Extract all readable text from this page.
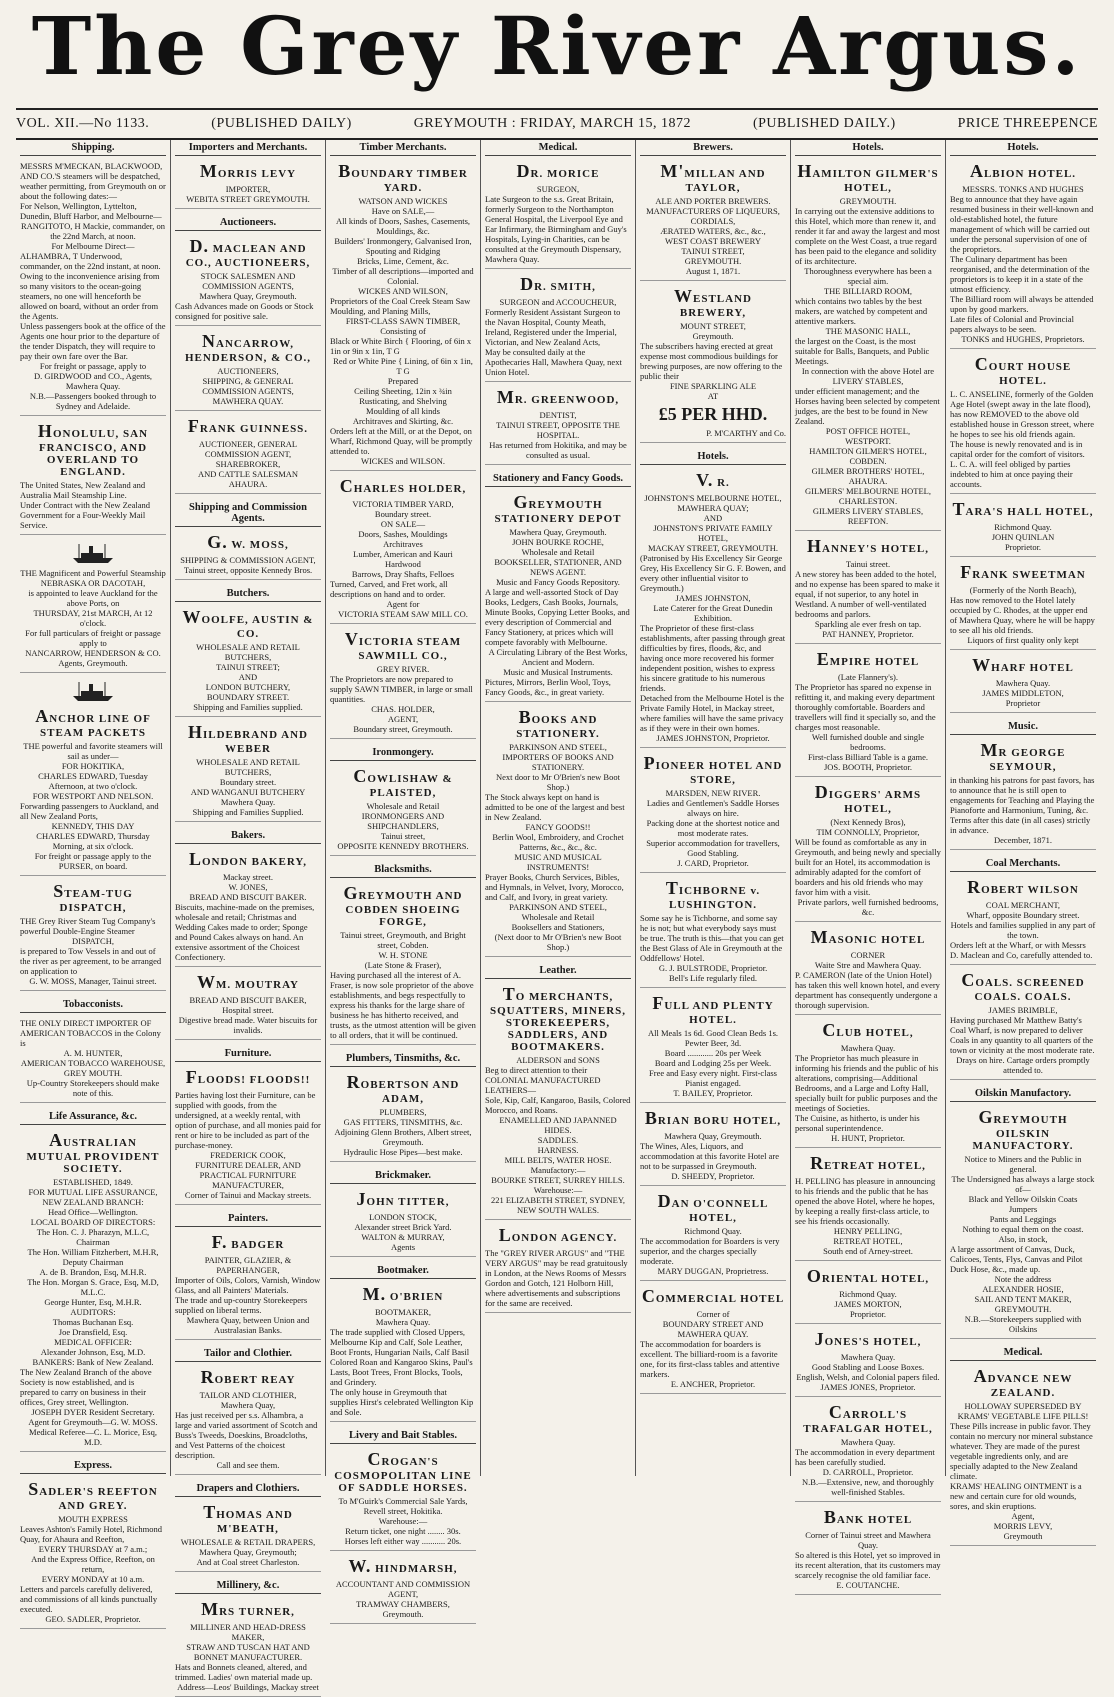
The Grey River Argus.
VOL. XII.—No 1133.	(PUBLISHED DAILY)	GREYMOUTH : FRIDAY, MARCH 15, 1872	(PUBLISHED DAILY.)	PRICE THREEPENCE
Shipping.
MESSRS M'MECKAN, BLACKWOOD, AND CO.'S steamers will be despatched, weather permitting, from Greymouth on or about the following dates:—
For Nelson, Wellington, Lyttelton, Dunedin, Bluff Harbor, and Melbourne—
RANGITOTO, H Mackie, commander, on the 22nd March, at noon.
For Melbourne Direct—
ALHAMBRA, T Underwood, commander, on the 22nd instant, at noon.
Owing to the inconvenience arising from so many visitors to the ocean-going steamers, no one will henceforth be allowed on board, without an order from the Agents.
Unless passengers book at the office of the Agents one hour prior to the departure of the tender Dispatch, they will require to pay their own fare over the Bar.
For freight or passage, apply to
D. GIRDWOOD and CO., Agents, Mawhera Quay.
N.B.—Passengers booked through to Sydney and Adelaide.
HONOLULU, SAN FRANCISCO, AND OVERLAND TO ENGLAND.
The United States, New Zealand and Australia Mail Steamship Line.
Under Contract with the New Zealand Government for a Four-Weekly Mail Service.
THE Magnificent and Powerful Steamship
NEBRASKA OR DACOTAH,
is appointed to leave Auckland for the above Ports, on
THURSDAY, 21st MARCH, At 12 o'clock.
For full particulars of freight or passage apply to
NANCARROW, HENDERSON & CO. Agents, Greymouth.
ANCHOR LINE OF STEAM PACKETS
THE powerful and favorite steamers will sail as under—
FOR HOKITIKA,
CHARLES EDWARD, Tuesday Afternoon, at two o'clock.
FOR WESTPORT AND NELSON.
Forwarding passengers to Auckland, and all New Zealand Ports,
KENNEDY, THIS DAY
CHARLES EDWARD, Thursday Morning, at six o'clock.
For freight or passage apply to the PURSER, on board.
STEAM-TUG DISPATCH,
THE Grey River Steam Tug Company's powerful Double-Engine Steamer
DISPATCH,
is prepared to Tow Vessels in and out of the river as per agreement, to be arranged on application to
G. W. MOSS, Manager, Tainui street.
Tobacconists.
THE ONLY DIRECT IMPORTER OF AMERICAN TOBACCOS in the Colony is
A. M. HUNTER,
AMERICAN TOBACCO WAREHOUSE, GREY MOUTH.
Up-Country Storekeepers should make note of this.
Life Assurance, &c.
AUSTRALIAN MUTUAL PROVIDENT SOCIETY.
ESTABLISHED, 1849.
FOR MUTUAL LIFE ASSURANCE,
NEW ZEALAND BRANCH:
Head Office—Wellington.
LOCAL BOARD OF DIRECTORS:
The Hon. C. J. Pharazyn, M.L.C, Chairman
The Hon. William Fitzherbert, M.H.R, Deputy Chairman
A. de B. Brandon, Esq, M.H.R.
The Hon. Morgan S. Grace, Esq, M.D, M.L.C.
George Hunter, Esq, M.H.R.
AUDITORS:
Thomas Buchanan Esq.
Joe Dransfield, Esq.
MEDICAL OFFICER:
Alexander Johnson, Esq, M.D.
BANKERS: Bank of New Zealand.
The New Zealand Branch of the above Society is now established, and is prepared to carry on business in their offices, Grey street, Wellington.
JOSEPH DYER Resident Secretary.
Agent for Greymouth—G. W. MOSS.
Medical Referee—C. L. Morice, Esq, M.D.
Express.
SADLER'S REEFTON AND GREY.
MOUTH EXPRESS
Leaves Ashton's Family Hotel, Richmond Quay, for Ahaura and Reefton,
EVERY THURSDAY at 7 a.m.;
And the Express Office, Reefton, on return,
EVERY MONDAY at 10 a.m.
Letters and parcels carefully delivered, and commissions of all kinds punctually executed.
GEO. SADLER, Proprietor.
Importers and Merchants.
MORRIS LEVY
IMPORTER,
WEBITA STREET GREYMOUTH.
Auctioneers.
D. MACLEAN AND CO., AUCTIONEERS,
STOCK SALESMEN AND COMMISSION AGENTS,
Mawhera Quay, Greymouth.
Cash Advances made on Goods or Stock consigned for positive sale.
NANCARROW, HENDERSON, & CO.,
AUCTIONEERS,
SHIPPING, & GENERAL COMMISSION AGENTS,
MAWHERA QUAY.
FRANK GUINNESS.
AUCTIONEER, GENERAL COMMISSION AGENT, SHAREBROKER,
AND CATTLE SALESMAN
AHAURA.
Shipping and Commission Agents.
G. W. MOSS,
SHIPPING & COMMISSION AGENT,
Tainui street, opposite Kennedy Bros.
Butchers.
WOOLFE, AUSTIN & CO.
WHOLESALE AND RETAIL BUTCHERS,
TAINUI STREET;
AND
LONDON BUTCHERY,
BOUNDARY STREET.
Shipping and Families supplied.
HILDEBRAND AND WEBER
WHOLESALE AND RETAIL BUTCHERS,
Boundary street.
AND WANGANUI BUTCHERY
Mawhera Quay.
Shipping and Families Supplied.
Bakers.
LONDON BAKERY,
Mackay street.
W. JONES,
BREAD AND BISCUIT BAKER.
Biscuits, machine-made on the premises, wholesale and retail; Christmas and Wedding Cakes made to order; Sponge and Pound Cakes always on hand. An extensive assortment of the Choicest Confectionery.
WM. MOUTRAY
BREAD AND BISCUIT BAKER,
Hospital street.
Digestive bread made. Water biscuits for invalids.
Furniture.
FLOODS! FLOODS!!
Parties having lost their Furniture, can be supplied with goods, from the undersigned, at a weekly rental, with option of purchase, and all monies paid for rent or hire to be included as part of the purchase-money.
FREDERICK COOK,
FURNITURE DEALER, AND PRACTICAL FURNITURE MANUFACTURER,
Corner of Tainui and Mackay streets.
Painters.
F. BADGER
PAINTER, GLAZIER, & PAPERHANGER,
Importer of Oils, Colors, Varnish, Window Glass, and all Painters' Materials.
The trade and up-country Storekeepers supplied on liberal terms.
Mawhera Quay, between Union and Australasian Banks.
Tailor and Clothier.
ROBERT REAY
TAILOR AND CLOTHIER,
Mawhera Quay,
Has just received per s.s. Alhambra, a large and varied assortment of Scotch and Buss's Tweeds, Doeskins, Broadcloths, and Vest Patterns of the choicest description.
Call and see them.
Drapers and Clothiers.
THOMAS AND M'BEATH,
WHOLESALE & RETAIL DRAPERS,
Mawhera Quay, Greymouth;
And at Coal street Charleston.
Millinery, &c.
MRS TURNER,
MILLINER AND HEAD-DRESS MAKER,
STRAW AND TUSCAN HAT AND BONNET MANUFACTURER.
Hats and Bonnets cleaned, altered, and trimmed. Ladies' own material made up.
Address—Leos' Buildings, Mackay street
Timber Merchants.
BOUNDARY TIMBER YARD.
WATSON AND WICKES
Have on SALE,—
All kinds of Doors, Sashes, Casements, Mouldings, &c.
Builders' Ironmongery, Galvanised Iron, Spouting and Ridging
Bricks, Lime, Cement, &c.
Timber of all descriptions—imported and Colonial.
WICKES AND WILSON,
Proprietors of the Coal Creek Steam Saw Moulding, and Planing Mills,
FIRST-CLASS SAWN TIMBER,
Consisting of
Black or White Birch { Flooring, of 6in x 1in or 9in x 1in, T G
Red or White Pine { Lining, of 6in x 1in, T G
Prepared
Ceiling Sheeting, 12in x ¾in
Rusticating, and Shelving
Moulding of all kinds
Architraves and Skirting, &c.
Orders left at the Mill, or at the Depot, on Wharf, Richmond Quay, will be promptly attended to.
WICKES and WILSON.
CHARLES HOLDER,
VICTORIA TIMBER YARD,
Boundary street.
ON SALE—
Doors, Sashes, Mouldings
Architraves
Lumber, American and Kauri
Hardwood
Barrows, Dray Shafts, Felloes
Turned, Carved, and Fret work, all descriptions on hand and to order.
Agent for
VICTORIA STEAM SAW MILL CO.
VICTORIA STEAM SAWMILL CO.,
GREY RIVER.
The Proprietors are now prepared to supply SAWN TIMBER, in large or small quantities.
CHAS. HOLDER,
AGENT,
Boundary street, Greymouth.
Ironmongery.
COWLISHAW & PLAISTED,
Wholesale and Retail
IRONMONGERS AND SHIPCHANDLERS,
Tainui street,
OPPOSITE KENNEDY BROTHERS.
Blacksmiths.
GREYMOUTH AND COBDEN SHOEING FORGE,
Tainui street, Greymouth, and Bright street, Cobden.
W. H. STONE
(Late Stone & Fraser),
Having purchased all the interest of A. Fraser, is now sole proprietor of the above establishments, and begs respectfully to express his thanks for the large share of business he has hitherto received, and trusts, as the utmost attention will be given to all orders, that it will be continued.
Plumbers, Tinsmiths, &c.
ROBERTSON AND ADAM,
PLUMBERS,
GAS FITTERS, TINSMITHS, &c.
Adjoining Glenn Brothers, Albert street, Greymouth.
Hydraulic Hose Pipes—best make.
Brickmaker.
JOHN TITTER,
LONDON STOCK,
Alexander street Brick Yard.
WALTON & MURRAY,
Agents
Bootmaker.
M. O'BRIEN
BOOTMAKER,
Mawhera Quay.
The trade supplied with Closed Uppers, Melbourne Kip and Calf, Sole Leather, Boot Fronts, Hungarian Nails, Calf Basil Colored Roan and Kangaroo Skins, Paul's Lasts, Boot Trees, Front Blocks, Tools, and Grindery.
The only house in Greymouth that supplies Hirst's celebrated Wellington Kip and Sole.
Livery and Bait Stables.
CROGAN'S COSMOPOLITAN LINE OF SADDLE HORSES.
To M'Guirk's Commercial Sale Yards, Revell street, Hokitika.
Warehouse:—
Return ticket, one night ........ 30s.
Horses left either way ........... 20s.
W. HINDMARSH,
ACCOUNTANT AND COMMISSION AGENT,
TRAMWAY CHAMBERS,
Greymouth.
Medical.
DR. MORICE
SURGEON,
Late Surgeon to the s.s. Great Britain, formerly Surgeon to the Northampton General Hospital, the Liverpool Eye and Ear Infirmary, the Birmingham and Guy's Hospitals, Lying-in Charities, can be consulted at the Greymouth Dispensary, Mawhera Quay.
DR. SMITH,
SURGEON and ACCOUCHEUR,
Formerly Resident Assistant Surgeon to the Navan Hospital, County Meath, Ireland, Registered under the Imperial, Victorian, and New Zealand Acts,
May be consulted daily at the Apothecaries Hall, Mawhera Quay, next Union Hotel.
MR. GREENWOOD,
DENTIST,
TAINUI STREET, OPPOSITE THE HOSPITAL.
Has returned from Hokitika, and may be consulted as usual.
Stationery and Fancy Goods.
GREYMOUTH STATIONERY DEPOT
Mawhera Quay, Greymouth.
JOHN BOURKE ROCHE,
Wholesale and Retail
BOOKSELLER, STATIONER, AND NEWS AGENT.
Music and Fancy Goods Repository.
A large and well-assorted Stock of Day Books, Ledgers, Cash Books, Journals, Minute Books, Copying Letter Books, and every description of Commercial and Fancy Stationery, at prices which will compete favorably with Melbourne.
A Circulating Library of the Best Works, Ancient and Modern.
Music and Musical Instruments.
Pictures, Mirrors, Berlin Wool, Toys, Fancy Goods, &c., in great variety.
BOOKS AND STATIONERY.
PARKINSON AND STEEL,
IMPORTERS OF BOOKS AND STATIONERY.
Next door to Mr O'Brien's new Boot Shop.)
The Stock always kept on hand is admitted to be one of the largest and best in New Zealand.
FANCY GOODS!!
Berlin Wool, Embroidery, and Crochet Patterns, &c., &c., &c.
MUSIC AND MUSICAL INSTRUMENTS!
Prayer Books, Church Services, Bibles, and Hymnals, in Velvet, Ivory, Morocco, and Calf, and Ivory, in great variety.
PARKINSON AND STEEL,
Wholesale and Retail
Booksellers and Stationers,
(Next door to Mr O'Brien's new Boot Shop.)
Leather.
TO MERCHANTS, SQUATTERS, MINERS, STOREKEEPERS, SADDLERS, AND BOOTMAKERS.
ALDERSON and SONS
Beg to direct attention to their COLONIAL MANUFACTURED LEATHERS—
Sole, Kip, Calf, Kangaroo, Basils, Colored Morocco, and Roans.
ENAMELLED AND JAPANNED HIDES.
SADDLES.
HARNESS.
MILL BELTS, WATER HOSE.
Manufactory:—
BOURKE STREET, SURREY HILLS.
Warehouse:—
221 ELIZABETH STREET, SYDNEY,
NEW SOUTH WALES.
LONDON AGENCY.
The "GREY RIVER ARGUS" and "THE VERY ARGUS" may be read gratuitously in London, at the News Rooms of Messrs Gordon and Gotch, 121 Holborn Hill, where advertisements and subscriptions for the same are received.
Brewers.
M'MILLAN AND TAYLOR,
ALE AND PORTER BREWERS.
MANUFACTURERS OF LIQUEURS, CORDIALS,
ÆRATED WATERS, &c., &c.,
WEST COAST BREWERY
TAINUI STREET,
GREYMOUTH.
August 1, 1871.
WESTLAND BREWERY,
MOUNT STREET,
Greymouth.
The subscribers having erected at great expense most commodious buildings for brewing purposes, are now offering to the public their
FINE SPARKLING ALE
AT
£5 PER HHD.
P. M'CARTHY and Co.
Hotels.
V. R.
JOHNSTON'S MELBOURNE HOTEL,
MAWHERA QUAY;
AND
JOHNSTON'S PRIVATE FAMILY HOTEL,
MACKAY STREET, GREYMOUTH.
(Patronised by His Excellency Sir George Grey, His Excellency Sir G. F. Bowen, and every other influential visitor to Greymouth.)
JAMES JOHNSTON,
Late Caterer for the Great Dunedin Exhibition.
The Proprietor of these first-class establishments, after passing through great difficulties by fires, floods, &c, and having once more recovered his former independent position, wishes to express his sincere gratitude to his numerous friends.
Detached from the Melbourne Hotel is the Private Family Hotel, in Mackay street, where families will have the same privacy as if they were in their own homes.
JAMES JOHNSTON, Proprietor.
PIONEER HOTEL AND STORE,
MARSDEN, NEW RIVER.
Ladies and Gentlemen's Saddle Horses always on hire.
Packing done at the shortest notice and most moderate rates.
Superior accommodation for travellers, Good Stabling.
J. CARD, Proprietor.
TICHBORNE v. LUSHINGTON.
Some say he is Tichborne, and some say he is not; but what everybody says must be true. The truth is this—that you can get the Best Glass of Ale in Greymouth at the Oddfellows' Hotel.
G. J. BULSTRODE, Proprietor.
Bell's Life regularly filed.
FULL AND PLENTY HOTEL.
All Meals 1s 6d. Good Clean Beds 1s.
Pewter Beer, 3d.
Board ............ 20s per Week
Board and Lodging 25s per Week.
Free and Easy every night. First-class Pianist engaged.
T. BAILEY, Proprietor.
BRIAN BORU HOTEL,
Mawhera Quay, Greymouth.
The Wines, Ales, Liquors, and accommodation at this favorite Hotel are not to be surpassed in Greymouth.
D. SHEEDY, Proprietor.
DAN O'CONNELL HOTEL,
Richmond Quay.
The accommodation for Boarders is very superior, and the charges specially moderate.
MARY DUGGAN, Proprietress.
COMMERCIAL HOTEL
Corner of
BOUNDARY STREET AND MAWHERA QUAY.
The accommodation for boarders is excellent. The billiard-room is a favorite one, for its first-class tables and attentive markers.
E. ANCHER, Proprietor.
Hotels.
HAMILTON GILMER'S HOTEL,
GREYMOUTH.
In carrying out the extensive additions to this Hotel, which more than renew it, and render it far and away the largest and most complete on the West Coast, a true regard has been paid to the elegance and solidity of its architecture.
Thoroughness everywhere has been a special aim.
THE BILLIARD ROOM,
which contains two tables by the best makers, are watched by competent and attentive markers.
THE MASONIC HALL,
the largest on the Coast, is the most suitable for Balls, Banquets, and Public Meetings.
In connection with the above Hotel are
LIVERY STABLES,
under efficient management; and the Horses having been selected by competent judges, are the best to be found in New Zealand.
POST OFFICE HOTEL,
WESTPORT.
HAMILTON GILMER'S HOTEL,
COBDEN.
GILMER BROTHERS' HOTEL,
AHAURA.
GILMERS' MELBOURNE HOTEL,
CHARLESTON.
GILMERS LIVERY STABLES,
REEFTON.
HANNEY'S HOTEL,
Tainui street.
A new storey has been added to the hotel, and no expense has been spared to make it equal, if not superior, to any hotel in Westland. A number of well-ventilated bedrooms and parlors.
Sparkling ale ever fresh on tap.
PAT HANNEY, Proprietor.
EMPIRE HOTEL
(Late Flannery's).
The Proprietor has spared no expense in refitting it, and making every department thoroughly comfortable. Boarders and travellers will find it specially so, and the charges most reasonable.
Well furnished double and single bedrooms.
First-class Billiard Table is a game.
JOS. BOOTH, Proprietor.
DIGGERS' ARMS HOTEL,
(Next Kennedy Bros),
TIM CONNOLLY, Proprietor,
Will be found as comfortable as any in Greymouth, and being newly and specially built for an Hotel, its accommodation is admirably adapted for the comfort of boarders and his old friends who may favor him with a visit.
Private parlors, well furnished bedrooms, &c.
MASONIC HOTEL
CORNER
Waite Stre and Mawhera Quay.
P. CAMERON (late of the Union Hotel) has taken this well known hotel, and every department has consequently undergone a thorough supervision.
CLUB HOTEL,
Mawhera Quay.
The Proprietor has much pleasure in informing his friends and the public of his alterations, comprising—Additional Bedrooms, and a Large and Lofty Hall, specially built for public purposes and the meetings of Societies.
The Cuisine, as hitherto, is under his personal superintendence.
H. HUNT, Proprietor.
RETREAT HOTEL,
H. PELLING has pleasure in announcing to his friends and the public that he has opened the above Hotel, where he hopes, by keeping a really first-class article, to see his friends occasionally.
HENRY PELLING,
RETREAT HOTEL,
South end of Arney-street.
ORIENTAL HOTEL,
Richmond Quay.
JAMES MORTON,
Proprietor.
JONES'S HOTEL,
Mawhera Quay.
Good Stabling and Loose Boxes.
English, Welsh, and Colonial papers filed.
JAMES JONES, Proprietor.
CARROLL'S TRAFALGAR HOTEL,
Mawhera Quay.
The accommodation in every department has been carefully studied.
D. CARROLL, Proprietor.
N.B.—Extensive, new, and thoroughly well-finished Stables.
BANK HOTEL
Corner of Tainui street and Mawhera Quay.
So altered is this Hotel, yet so improved in its recent alteration, that its customers may scarcely recognise the old familiar face.
E. COUTANCHE.
Hotels.
ALBION HOTEL.
MESSRS. TONKS AND HUGHES
Beg to announce that they have again resumed business in their well-known and old-established hotel, the future management of which will be carried out under the personal supervision of one of the proprietors.
The Culinary department has been reorganised, and the determination of the proprietors is to keep it in a state of the utmost efficiency.
The Billiard room will always be attended upon by good markers.
Late files of Colonial and Provincial papers always to be seen.
TONKS and HUGHES, Proprietors.
COURT HOUSE HOTEL.
L. C. ANSELINE, formerly of the Golden Age Hotel (swept away in the late flood), has now REMOVED to the above old established house in Gresson street, where he hopes to see his old friends again.
The house is newly renovated and is in capital order for the comfort of visitors.
L. C. A. will feel obliged by parties indebted to him at once paying their accounts.
TARA'S HALL HOTEL,
Richmond Quay.
JOHN QUINLAN
Proprietor.
FRANK SWEETMAN
(Formerly of the North Beach),
Has now removed to the Hotel lately occupied by C. Rhodes, at the upper end of Mawhera Quay, where he will be happy to see all his old friends.
Liquors of first quality only kept
WHARF HOTEL
Mawhera Quay.
JAMES MIDDLETON,
Proprietor
Music.
MR GEORGE SEYMOUR,
in thanking his patrons for past favors, has to announce that he is still open to engagements for Teaching and Playing the Pianoforte and Harmonium, Tuning, &c. Terms after this date (in all cases) strictly in advance.
December, 1871.
Coal Merchants.
ROBERT WILSON
COAL MERCHANT,
Wharf, opposite Boundary street.
Hotels and families supplied in any part of the town.
Orders left at the Wharf, or with Messrs D. Maclean and Co, carefully attended to.
COALS. SCREENED COALS. COALS.
JAMES BRIMBLE,
Having purchased Mr Matthew Batty's Coal Wharf, is now prepared to deliver Coals in any quantity to all quarters of the town or vicinity at the most moderate rate.
Drays on hire. Cartage orders promptly attended to.
Oilskin Manufactory.
GREYMOUTH OILSKIN MANUFACTORY.
Notice to Miners and the Public in general.
The Undersigned has always a large stock of—
Black and Yellow Oilskin Coats
Jumpers
Pants and Leggings
Nothing to equal them on the coast.
Also, in stock,
A large assortment of Canvas, Duck, Calicoes, Tents, Flys, Canvas and Pilot Duck Hose, &c., made up.
Note the address
ALEXANDER HOSIE,
SAIL AND TENT MAKER,
GREYMOUTH.
N.B.—Storekeepers supplied with Oilskins
Medical.
ADVANCE NEW ZEALAND.
HOLLOWAY SUPERSEDED BY KRAMS' VEGETABLE LIFE PILLS!
These Pills increase in public favor. They contain no mercury nor mineral substance whatever. They are made of the purest vegetable ingredients only, and are specially adapted to the New Zealand climate.
KRAMS' HEALING OINTMENT is a new and certain cure for old wounds, sores, and skin eruptions.
Agent,
MORRIS LEVY,
Greymouth
